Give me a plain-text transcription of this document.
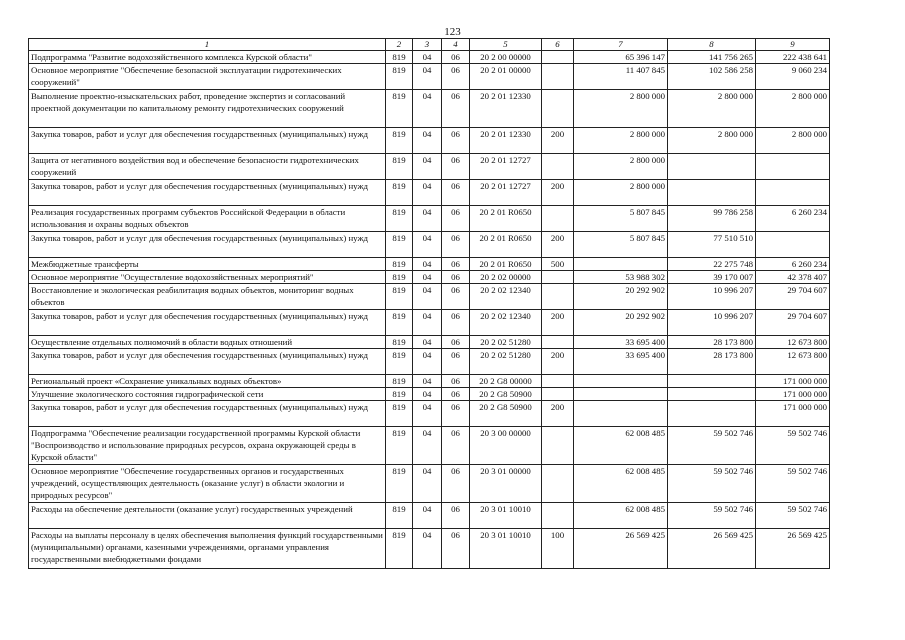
123
1	2	3	4	5	6	7	8	9
Подпрограмма "Развитие водохозяйственного комплекса Курской области"	819	04	06	20 2 00 00000		65 396 147	141 756 265	222 438 641
Основное мероприятие "Обеспечение безопасной эксплуатации гидротехнических сооружений"	819	04	06	20 2 01 00000		11 407 845	102 586 258	9 060 234
Выполнение проектно-изыскательских работ, проведение экспертиз и согласований проектной документации по капитальному ремонту гидротехнических сооружений	819	04	06	20 2 01 12330		2 800 000	2 800 000	2 800 000
Закупка товаров, работ и услуг для обеспечения государственных (муниципальных) нужд	819	04	06	20 2 01 12330	200	2 800 000	2 800 000	2 800 000
Защита от негативного воздействия вод и обеспечение безопасности гидротехнических сооружений	819	04	06	20 2 01 12727		2 800 000		
Закупка товаров, работ и услуг для обеспечения государственных (муниципальных) нужд	819	04	06	20 2 01 12727	200	2 800 000		
Реализация государственных программ субъектов Российской Федерации в области использования и охраны водных объектов	819	04	06	20 2 01 R0650		5 807 845	99 786 258	6 260 234
Закупка товаров, работ и услуг для обеспечения государственных (муниципальных) нужд	819	04	06	20 2 01 R0650	200	5 807 845	77 510 510	
Межбюджетные трансферты	819	04	06	20 2 01 R0650	500		22 275 748	6 260 234
Основное мероприятие "Осуществление водохозяйственных мероприятий"	819	04	06	20 2 02 00000		53 988 302	39 170 007	42 378 407
Восстановление и экологическая реабилитация водных объектов, мониторинг водных объектов	819	04	06	20 2 02 12340		20 292 902	10 996 207	29 704 607
Закупка товаров, работ и услуг для обеспечения государственных (муниципальных) нужд	819	04	06	20 2 02 12340	200	20 292 902	10 996 207	29 704 607
Осуществление отдельных полномочий в области водных отношений	819	04	06	20 2 02 51280		33 695 400	28 173 800	12 673 800
Закупка товаров, работ и услуг для обеспечения государственных (муниципальных) нужд	819	04	06	20 2 02 51280	200	33 695 400	28 173 800	12 673 800
Региональный проект «Сохранение уникальных водных объектов»	819	04	06	20 2 G8 00000				171 000 000
Улучшение экологического состояния гидрографической сети	819	04	06	20 2 G8 50900				171 000 000
Закупка товаров, работ и услуг для обеспечения государственных (муниципальных) нужд	819	04	06	20 2 G8 50900	200			171 000 000
Подпрограмма "Обеспечение реализации государственной программы Курской области "Воспроизводство и использование природных ресурсов, охрана окружающей среды в Курской области"	819	04	06	20 3 00 00000		62 008 485	59 502 746	59 502 746
Основное мероприятие "Обеспечение государственных органов и государственных учреждений, осуществляющих деятельность (оказание услуг) в области экологии и природных ресурсов"	819	04	06	20 3 01 00000		62 008 485	59 502 746	59 502 746
Расходы на обеспечение деятельности (оказание услуг) государственных учреждений	819	04	06	20 3 01 10010		62 008 485	59 502 746	59 502 746
Расходы на выплаты персоналу в целях обеспечения выполнения функций государственными (муниципальными) органами, казенными учреждениями, органами управления государственными внебюджетными фондами	819	04	06	20 3 01 10010	100	26 569 425	26 569 425	26 569 425
